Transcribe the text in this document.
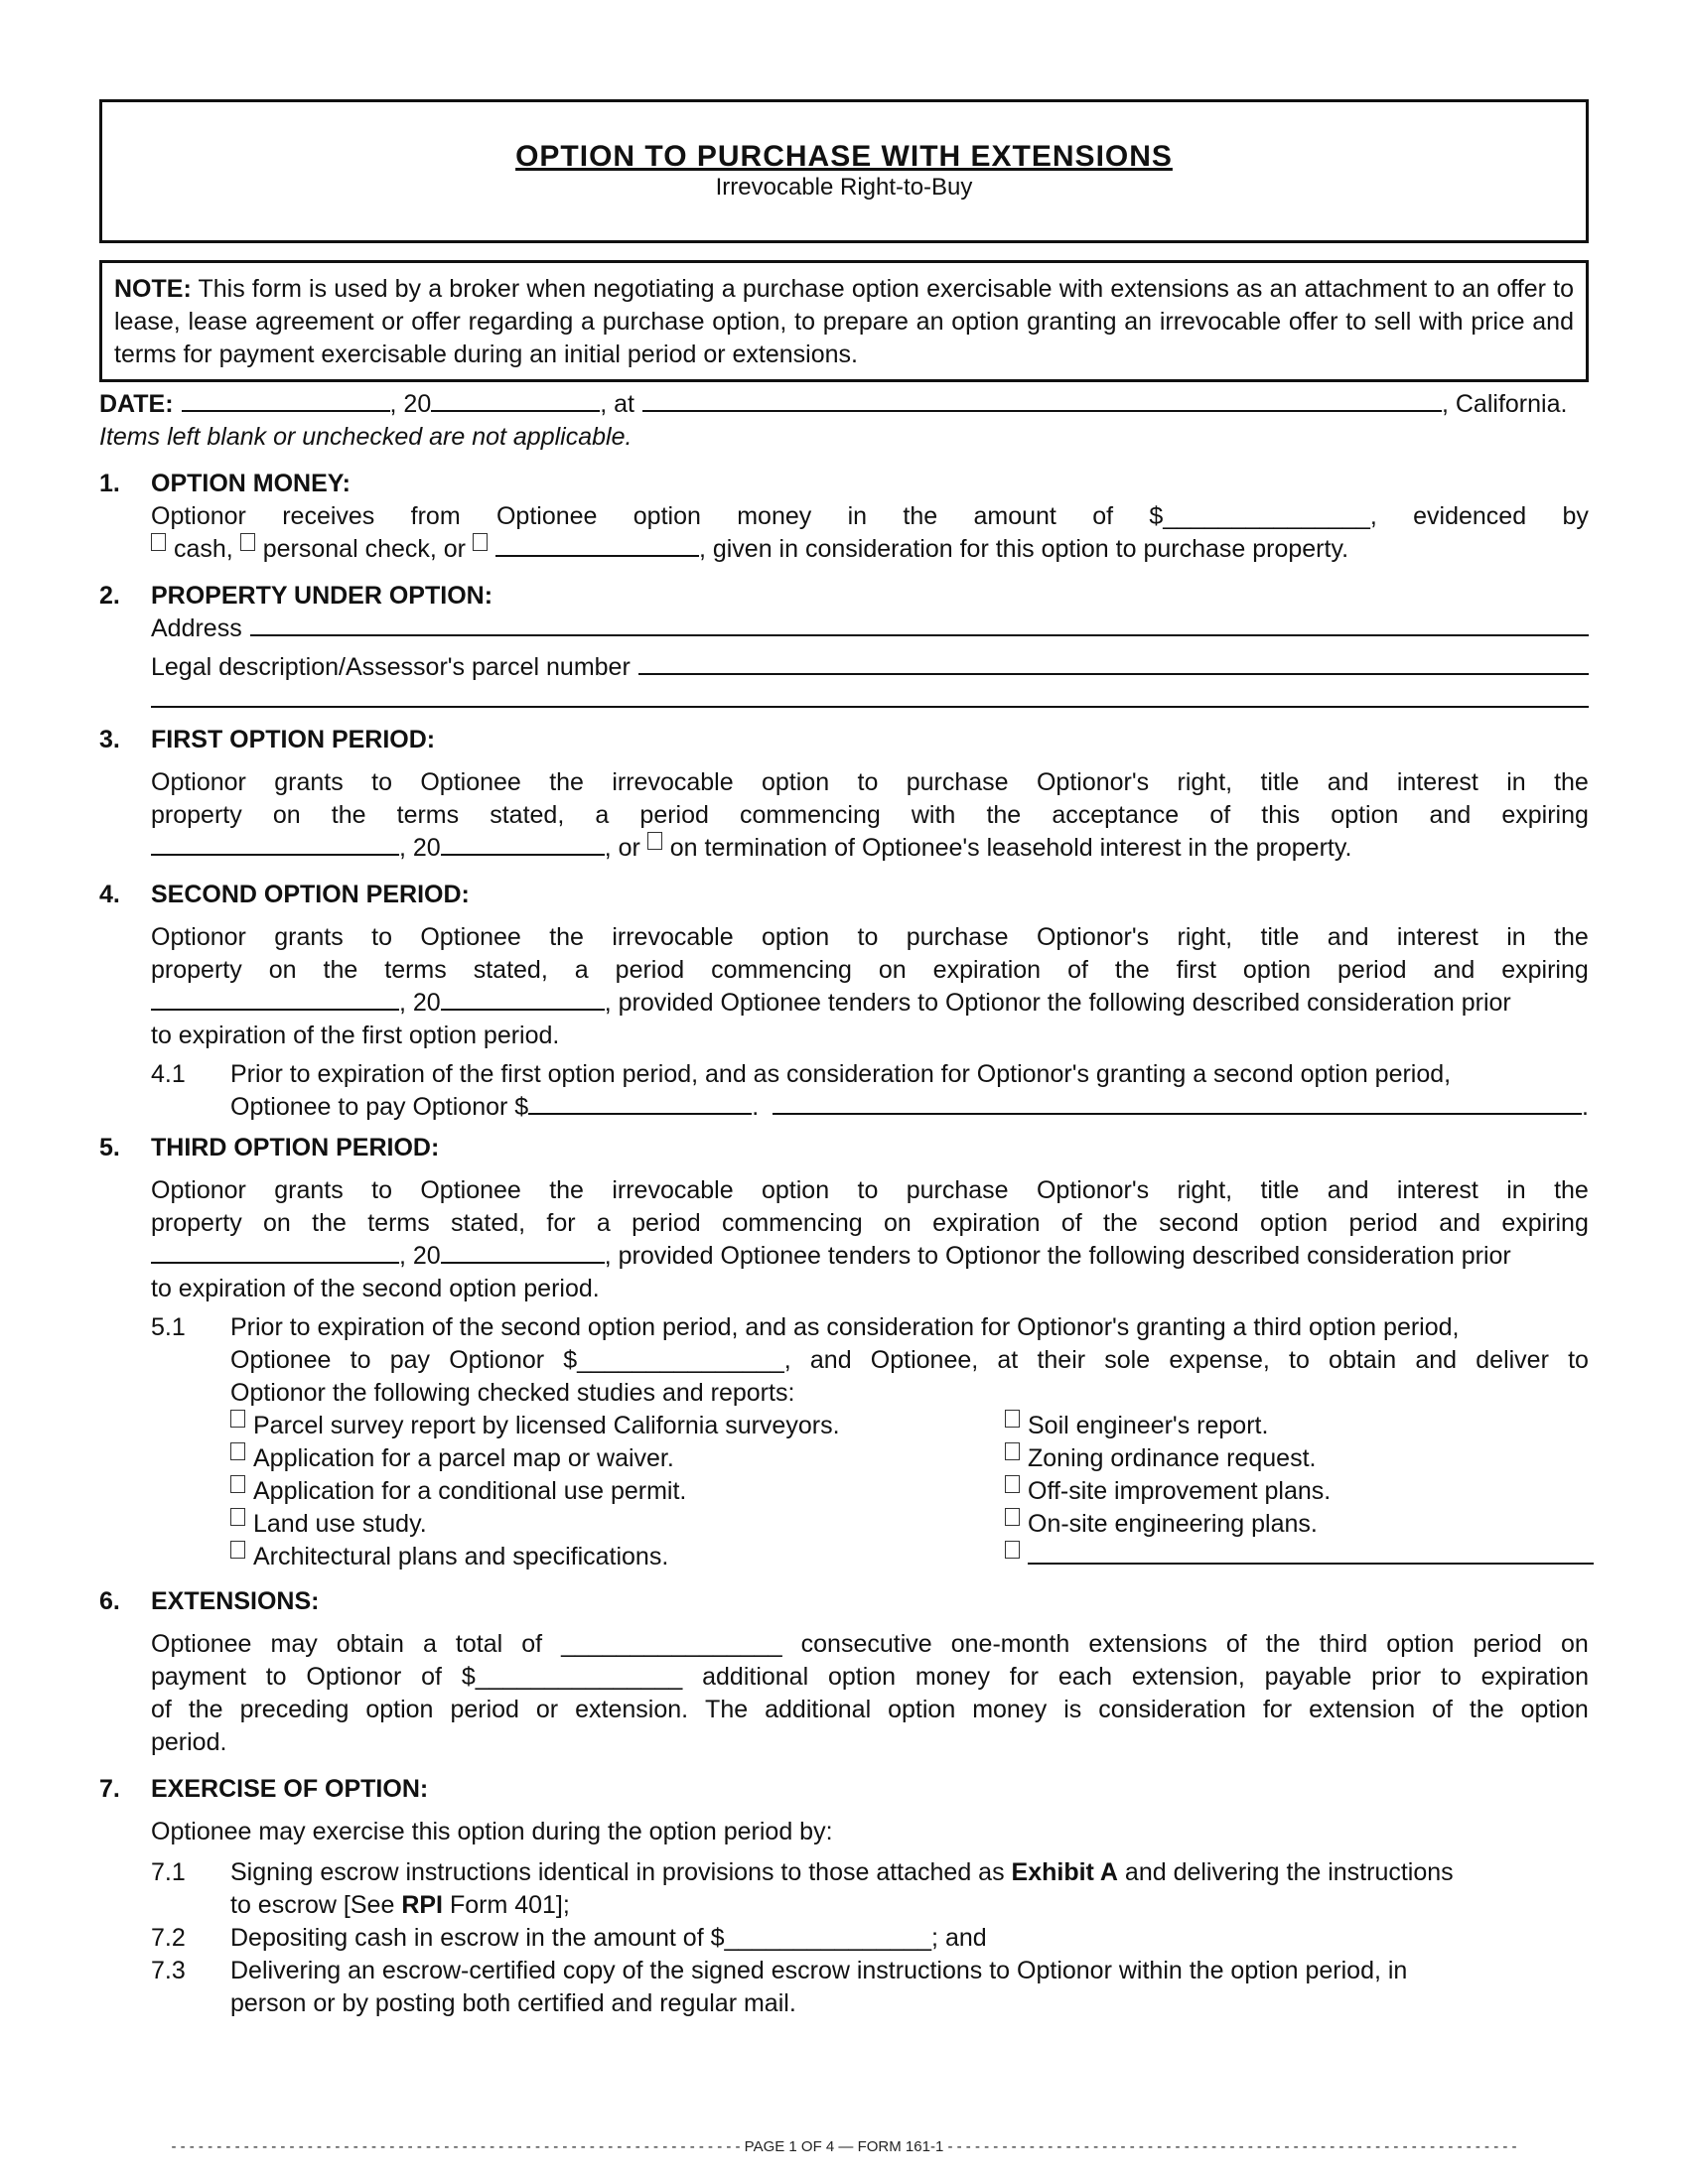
OPTION TO PURCHASE WITH EXTENSIONS
Irrevocable Right-to-Buy
NOTE: This form is used by a broker when negotiating a purchase option exercisable with extensions as an attachment to an offer to lease, lease agreement or offer regarding a purchase option, to prepare an option granting an irrevocable offer to sell with price and terms for payment exercisable during an initial period or extensions.
DATE:	, 20	, at	, California.
Items left blank or unchecked are not applicable.
1.	OPTION MONEY:
Optionor receives from Optionee option money in the amount of $_______________, evidenced by
cash,
personal check, or
	, given in consideration for this option to purchase property.
2.	PROPERTY UNDER OPTION:
Address
Legal description/Assessor's parcel number
3.	FIRST OPTION PERIOD:
Optionor grants to Optionee the irrevocable option to purchase Optionor's right, title and interest in the
property on the terms stated, a period commencing with the acceptance of this option and expiring
, 20	, or
on termination of Optionee's leasehold interest in the property.
4.	SECOND OPTION PERIOD:
Optionor grants to Optionee the irrevocable option to purchase Optionor's right, title and interest in the
property on the terms stated, a period commencing on expiration of the first option period and expiring
, 20	, provided Optionee tenders to Optionor the following described consideration prior
to expiration of the first option period.
4.1	Prior to expiration of the first option period, and as consideration for Optionor's granting a second option period,
Optionee to pay Optionor $	.	.
5.	THIRD OPTION PERIOD:
Optionor grants to Optionee the irrevocable option to purchase Optionor's right, title and interest in the
property on the terms stated, for a period commencing on expiration of the second option period and expiring
, 20	, provided Optionee tenders to Optionor the following described consideration prior
to expiration of the second option period.
5.1	Prior to expiration of the second option period, and as consideration for Optionor's granting a third option period,
Optionee to pay Optionor $_______________, and Optionee, at their sole expense, to obtain and deliver to
Optionor the following checked studies and reports:
Parcel survey report by licensed California surveyors.	Soil engineer's report.
Application for a parcel map or waiver.	Zoning ordinance request.
Application for a conditional use permit.	Off-site improvement plans.
Land use study.	On-site engineering plans.
Architectural plans and specifications.
6.	EXTENSIONS:
Optionee may obtain a total of ________________ consecutive one-month extensions of the third option period on
payment to Optionor of $_______________ additional option money for each extension, payable prior to expiration
of the preceding option period or extension. The additional option money is consideration for extension of the option
period.
7.	EXERCISE OF OPTION:
Optionee may exercise this option during the option period by:
7.1	Signing escrow instructions identical in provisions to those attached as Exhibit A and delivering the instructions
to escrow [See RPI Form 401];
7.2	Depositing cash in escrow in the amount of $_______________; and
7.3	Delivering an escrow-certified copy of the signed escrow instructions to Optionor within the option period, in
person or by posting both certified and regular mail.
- - - - - - - - - - - - - - - - - - - - - - - - - - - - - - - - - - - - - - - - - - - - - - - - - - - - - - - - - - - - - - - PAGE 1 OF 4 — FORM 161-1 - - - - - - - - - - - - - - - - - - - - - - - - - - - - - - - - - - - - - - - - - - - - - - - - - - - - - - - - - - - - - - -
